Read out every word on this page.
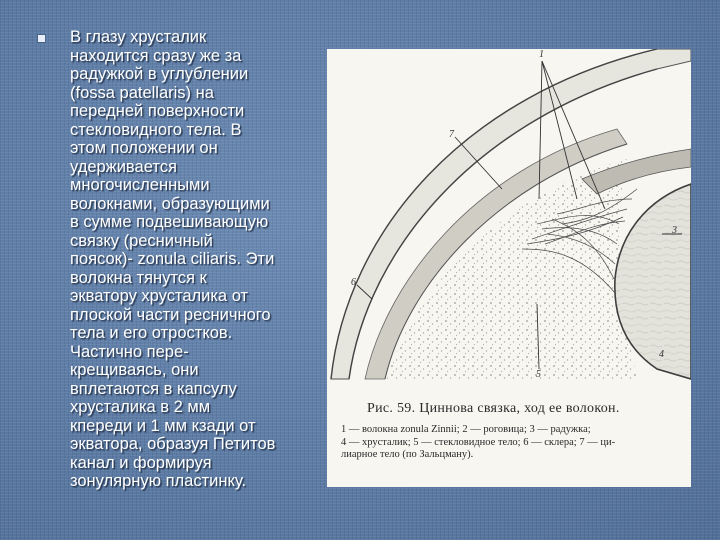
В глазу хрусталик
находится сразу же за
радужкой в углублении
(fossa patellaris) на
передней поверхности
стекловидного тела. В
этом положении он
удерживается
многочисленными
волокнами, образующими
в сумме подвешивающую
связку (ресничный
поясок)- zonula ciliaris. Эти
волокна тянутся к
экватору хрусталика от
плоской части ресничного
тела и его отростков.
Частично пере-
крещиваясь, они
вплетаются в капсулу
хрусталика в 2 мм
кпереди и 1 мм кзади от
экватора, образуя Петитов
канал и формируя
зонулярную пластинку.

1
7
3
6
4
5

Рис. 59. Циннова связка, ход ее волокон.

1 — волокна zonula Zinnii; 2 — роговица; 3 — радужка;
4 — хрусталик; 5 — стекловидное тело; 6 — склера; 7 — ци-
лиарное тело (по Зальцману).
